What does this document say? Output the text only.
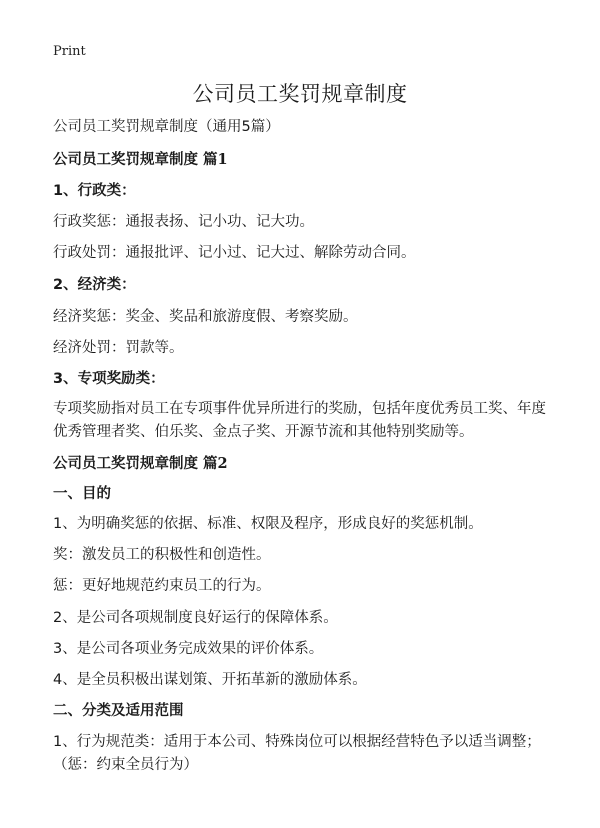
Print
公司员工奖罚规章制度
公司员工奖罚规章制度（通用5篇）
公司员工奖罚规章制度 篇1
1、行政类：
行政奖惩：通报表扬、记小功、记大功。
行政处罚：通报批评、记小过、记大过、解除劳动合同。
2、经济类：
经济奖惩：奖金、奖品和旅游度假、考察奖励。
经济处罚：罚款等。
3、专项奖励类：
专项奖励指对员工在专项事件优异所进行的奖励，包括年度优秀员工奖、年度优秀管理者奖、伯乐奖、金点子奖、开源节流和其他特别奖励等。
公司员工奖罚规章制度 篇2
一、目的
1、为明确奖惩的依据、标准、权限及程序，形成良好的奖惩机制。
奖：激发员工的积极性和创造性。
惩：更好地规范约束员工的行为。
2、是公司各项规制度良好运行的保障体系。
3、是公司各项业务完成效果的评价体系。
4、是全员积极出谋划策、开拓革新的激励体系。
二、分类及适用范围
1、行为规范类：适用于本公司、特殊岗位可以根据经营特色予以适当调整；（惩：约束全员行为）
